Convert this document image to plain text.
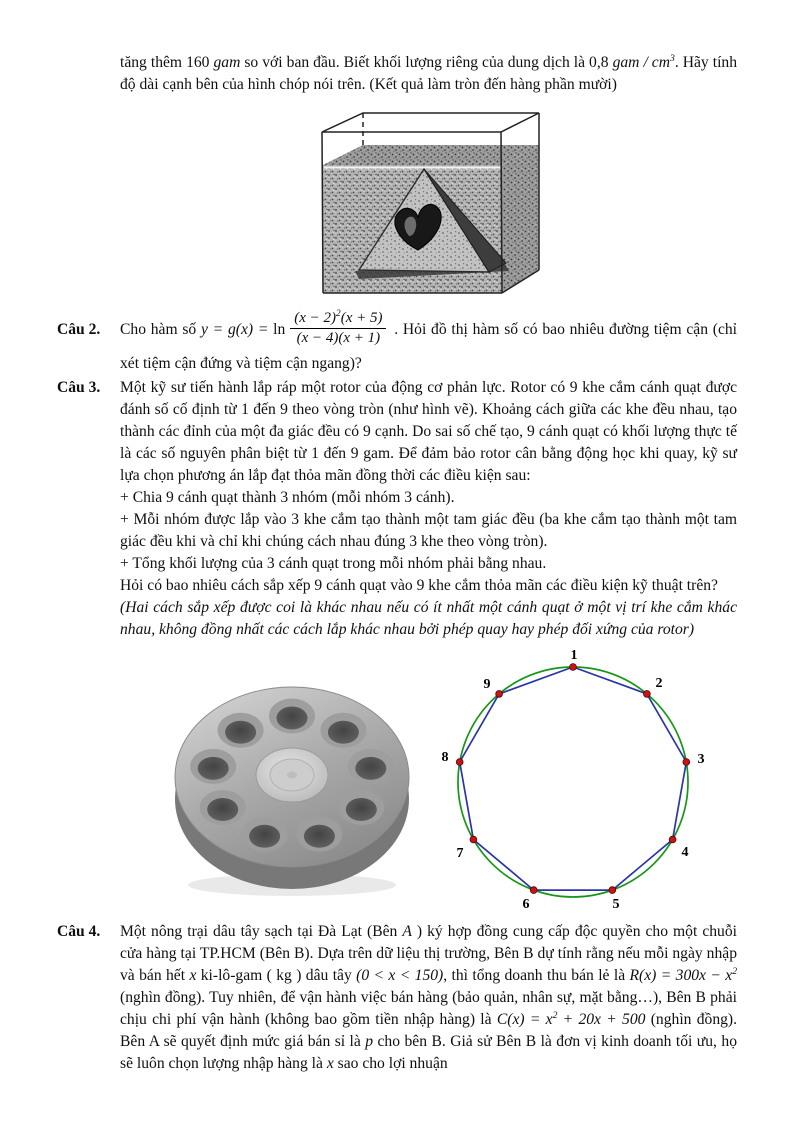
tăng thêm 160 gam so với ban đầu. Biết khối lượng riêng của dung dịch là 0,8 gam / $cm^3$. Hãy tính độ dài cạnh bên của hình chóp nói trên. (Kết quả làm tròn đến hàng phần mười)
Câu 2. Cho hàm số $y = g(x) = \ln \frac{(x - 2)^2(x + 5)}{(x - 4)(x + 1)}$ . Hỏi đồ thị hàm số có bao nhiêu đường tiệm cận (chỉ xét tiệm cận đứng và tiệm cận ngang)?
Câu 3. Một kỹ sư tiến hành lắp ráp một rotor của động cơ phản lực. Rotor có 9 khe cắm cánh quạt được đánh số cố định từ 1 đến 9 theo vòng tròn (như hình vẽ). Khoảng cách giữa các khe đều nhau, tạo thành các đỉnh của một đa giác đều có 9 cạnh. Do sai số chế tạo, 9 cánh quạt có khối lượng thực tế là các số nguyên phân biệt từ 1 đến 9 gam. Để đảm bảo rotor cân bằng động học khi quay, kỹ sư lựa chọn phương án lắp đạt thỏa mãn đồng thời các điều kiện sau:
+ Chia 9 cánh quạt thành 3 nhóm (mỗi nhóm 3 cánh).
+ Mỗi nhóm được lắp vào 3 khe cắm tạo thành một tam giác đều (ba khe cắm tạo thành một tam giác đều khi và chỉ khi chúng cách nhau đúng 3 khe theo vòng tròn).
+ Tổng khối lượng của 3 cánh quạt trong mỗi nhóm phải bằng nhau.
Hỏi có bao nhiêu cách sắp xếp 9 cánh quạt vào 9 khe cắm thỏa mãn các điều kiện kỹ thuật trên?
(Hai cách sắp xếp được coi là khác nhau nếu có ít nhất một cánh quạt ở một vị trí khe cắm khác nhau, không đồng nhất các cách lắp khác nhau bởi phép quay hay phép đối xứng của rotor)
1
2
3
4
5
6
7
8
9
Câu 4. Một nông trại dâu tây sạch tại Đà Lạt (Bên A ) ký hợp đồng cung cấp độc quyền cho một chuỗi cửa hàng tại TP.HCM (Bên B). Dựa trên dữ liệu thị trường, Bên B dự tính rằng nếu mỗi ngày nhập và bán hết x ki-lô-gam ( kg ) dâu tây (0 < x < 150), thì tổng doanh thu bán lẻ là $R(x) = 300x - x^2$ (nghìn đồng). Tuy nhiên, để vận hành việc bán hàng (bảo quản, nhân sự, mặt bằng…), Bên B phải chịu chi phí vận hành (không bao gồm tiền nhập hàng) là $C(x) = x^2 + 20x + 500$ (nghìn đồng). Bên A sẽ quyết định mức giá bán sỉ là p cho bên B. Giả sử Bên B là đơn vị kinh doanh tối ưu, họ sẽ luôn chọn lượng nhập hàng là x sao cho lợi nhuận
